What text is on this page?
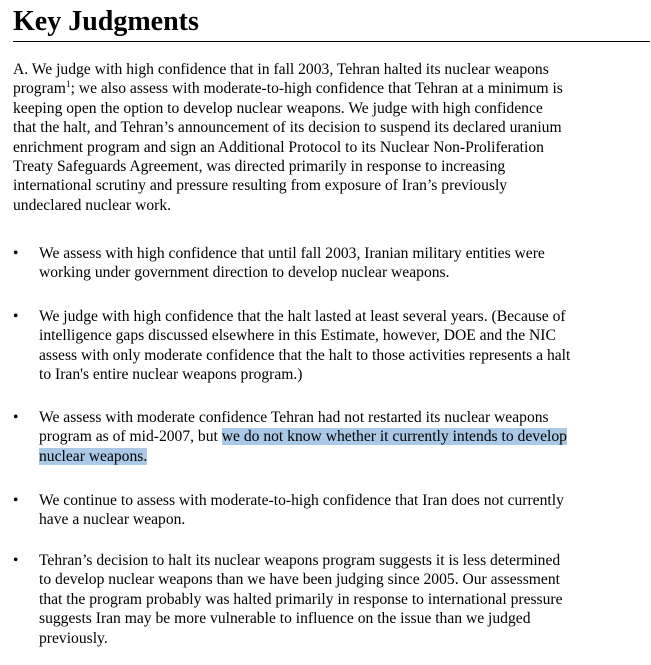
Key Judgments

A. We judge with high confidence that in fall 2003, Tehran halted its nuclear weapons
program$^1$; we also assess with moderate-to-high confidence that Tehran at a minimum is
keeping open the option to develop nuclear weapons. We judge with high confidence
that the halt, and Tehran’s announcement of its decision to suspend its declared uranium
enrichment program and sign an Additional Protocol to its Nuclear Non-Proliferation
Treaty Safeguards Agreement, was directed primarily in response to increasing
international scrutiny and pressure resulting from exposure of Iran’s previously
undeclared nuclear work.

•	We assess with high confidence that until fall 2003, Iranian military entities were
working under government direction to develop nuclear weapons.
•	We judge with high confidence that the halt lasted at least several years. (Because of
intelligence gaps discussed elsewhere in this Estimate, however, DOE and the NIC
assess with only moderate confidence that the halt to those activities represents a halt
to Iran's entire nuclear weapons program.)
•	We assess with moderate confidence Tehran had not restarted its nuclear weapons
program as of mid-2007, but we do not know whether it currently intends to develop
nuclear weapons.
•	We continue to assess with moderate-to-high confidence that Iran does not currently
have a nuclear weapon.
•	Tehran’s decision to halt its nuclear weapons program suggests it is less determined
to develop nuclear weapons than we have been judging since 2005. Our assessment
that the program probably was halted primarily in response to international pressure
suggests Iran may be more vulnerable to influence on the issue than we judged
previously.
